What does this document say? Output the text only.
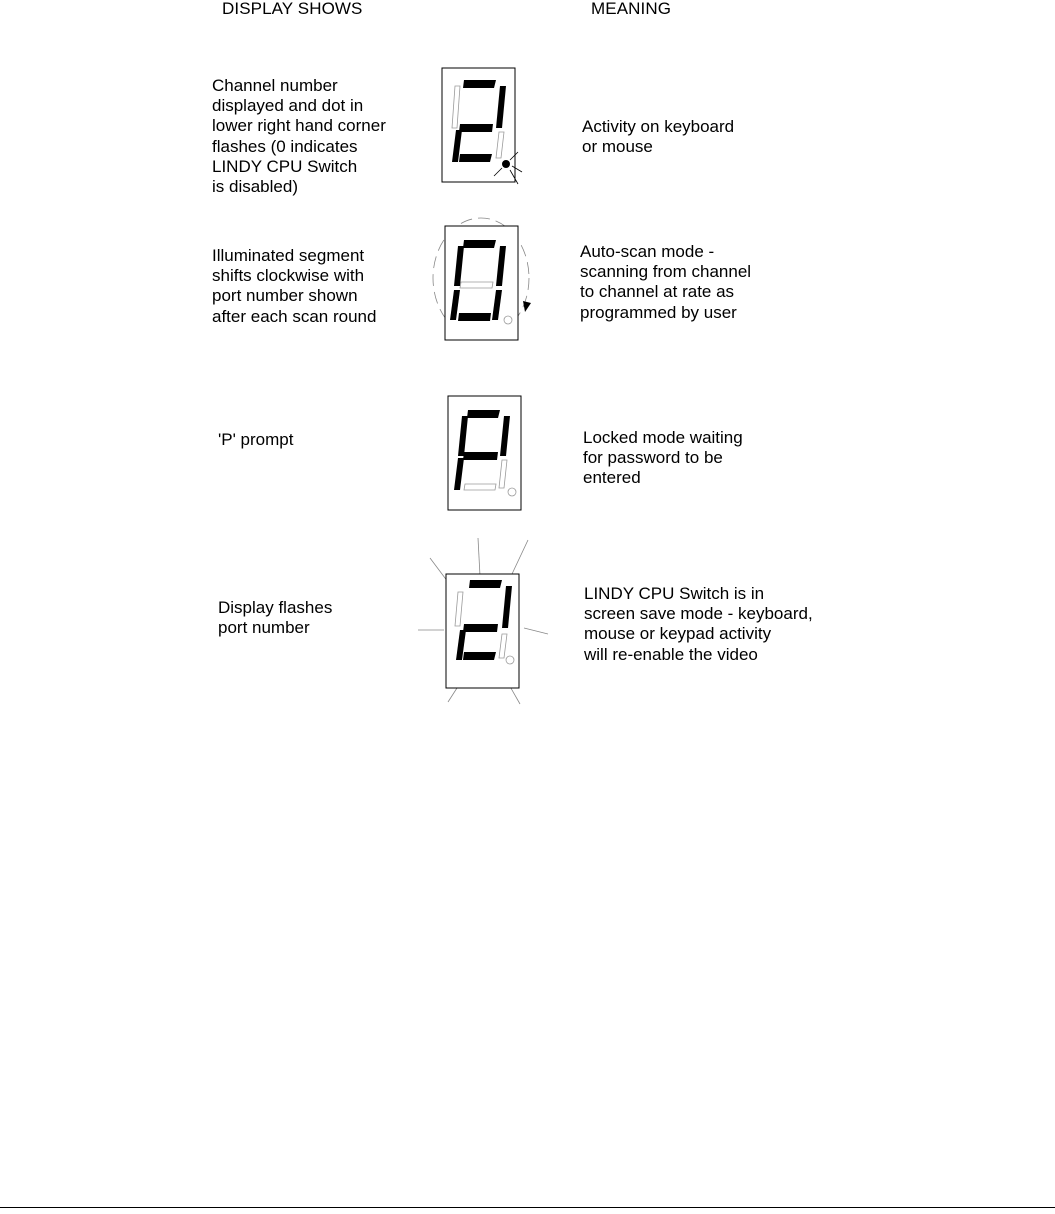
DISPLAY SHOWS	MEANING
Channel number
displayed and dot in
lower right hand corner
flashes (0 indicates
LINDY CPU Switch
is disabled)
Activity on keyboard
or mouse
Illuminated segment
shifts clockwise with
port number shown
after each scan round
Auto-scan mode -
scanning from channel
to channel at rate as
programmed by user
'P' prompt	Locked mode waiting
for password to be
entered
Display flashes
port number
LINDY CPU Switch is in
screen save mode - keyboard,
mouse or keypad activity
will re-enable the video
